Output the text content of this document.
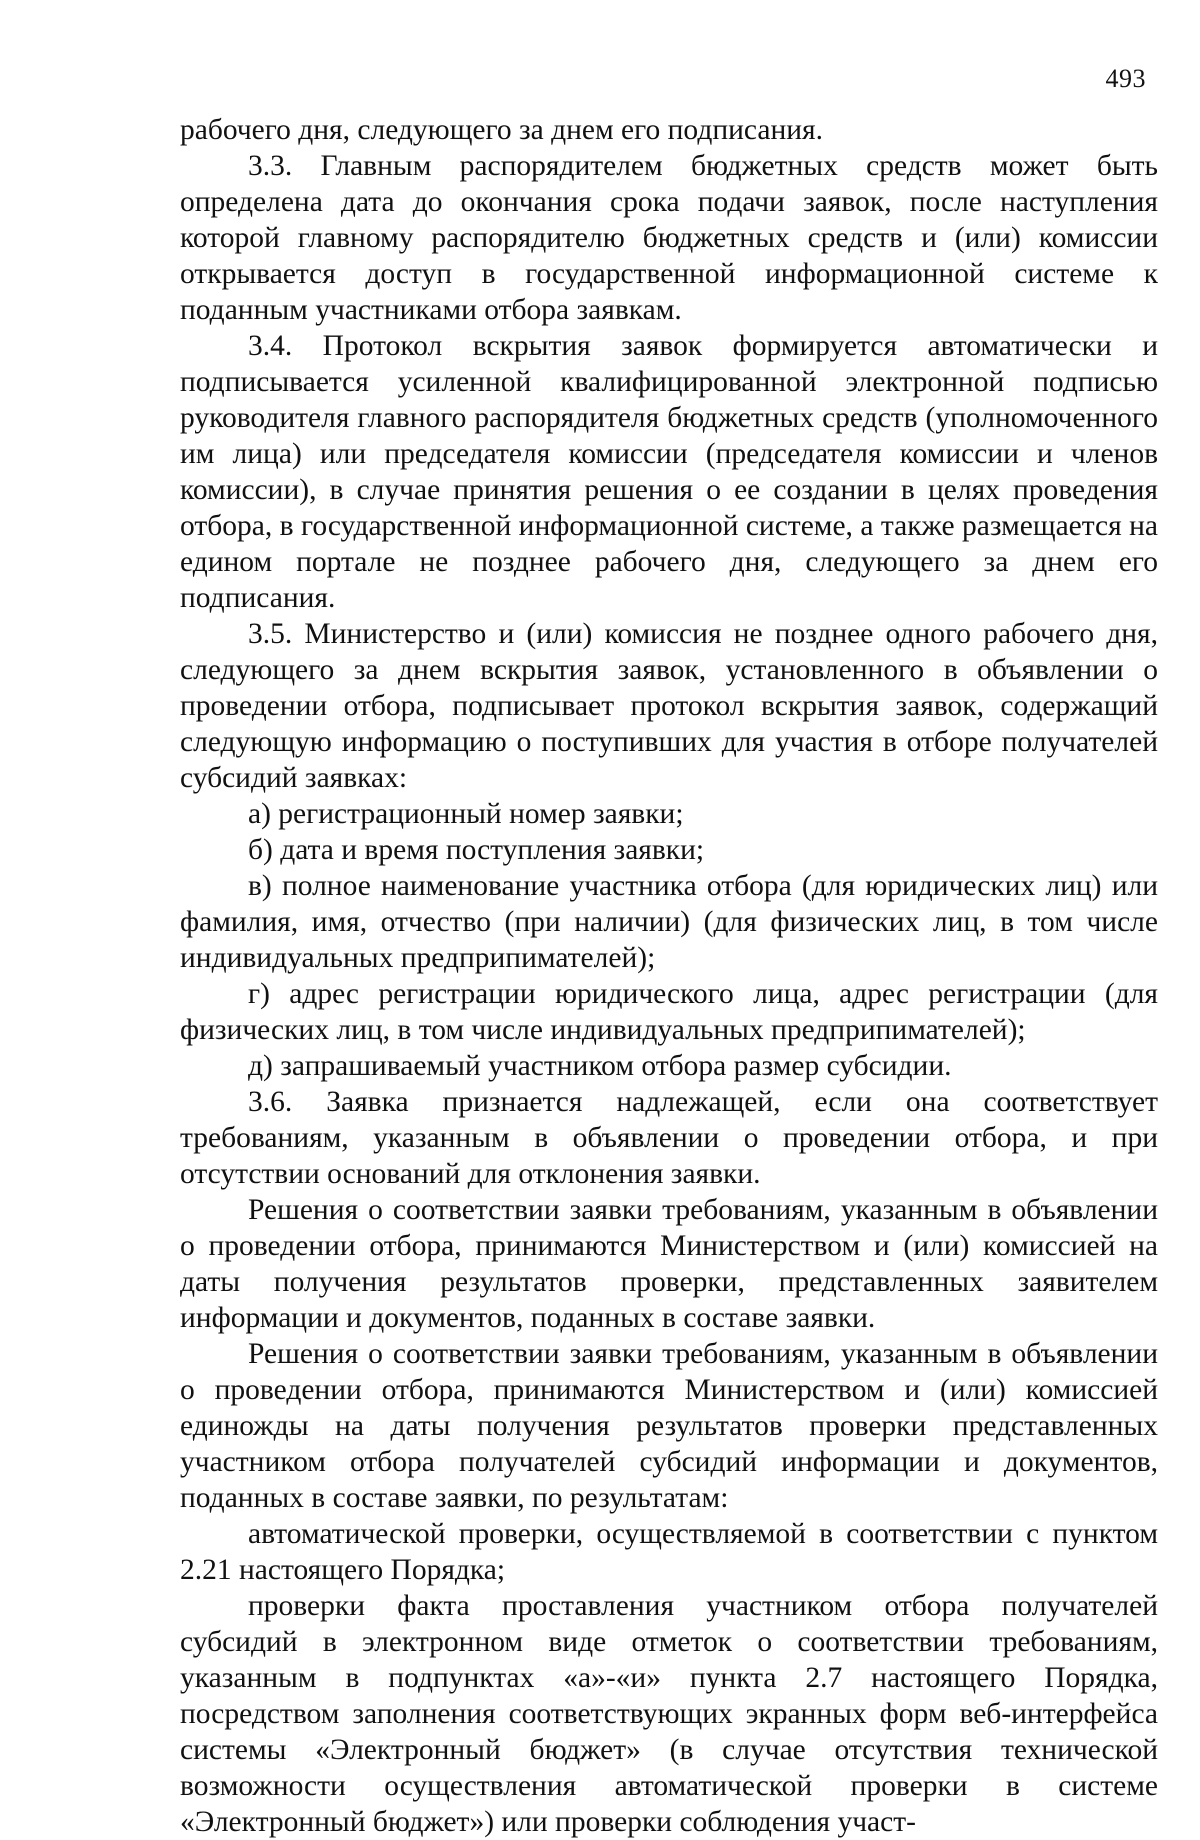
493

рабочего дня, следующего за днем его подписания.

3.3. Главным распорядителем бюджетных средств может быть определена дата до окончания срока подачи заявок, после наступления которой главному распорядителю бюджетных средств и (или) комиссии открывается доступ в государственной информационной системе к поданным участниками отбора заявкам.

3.4. Протокол вскрытия заявок формируется автоматически и подписывается усиленной квалифицированной электронной подписью руководителя главного распорядителя бюджетных средств (уполномоченного им лица) или председателя комиссии (председателя комиссии и членов комиссии), в случае принятия решения о ее создании в целях проведения отбора, в государственной информационной системе, а также размещается на едином портале не позднее рабочего дня, следующего за днем его подписания.

3.5. Министерство и (или) комиссия не позднее одного рабочего дня, следующего за днем вскрытия заявок, установленного в объявлении о проведении отбора, подписывает протокол вскрытия заявок, содержащий следующую информацию о поступивших для участия в отборе получателей субсидий заявках:

а) регистрационный номер заявки;

б) дата и время поступления заявки;

в) полное наименование участника отбора (для юридических лиц) или фамилия, имя, отчество (при наличии) (для физических лиц, в том числе индивидуальных предприпимателей);

г) адрес регистрации юридического лица, адрес регистрации (для физических лиц, в том числе индивидуальных предприпимателей);

д) запрашиваемый участником отбора размер субсидии.

3.6. Заявка признается надлежащей, если она соответствует требованиям, указанным в объявлении о проведении отбора, и при отсутствии оснований для отклонения заявки.

Решения о соответствии заявки требованиям, указанным в объявлении о проведении отбора, принимаются Министерством и (или) комиссией на даты получения результатов проверки, представленных заявителем информации и документов, поданных в составе заявки.

Решения о соответствии заявки требованиям, указанным в объявлении о проведении отбора, принимаются Министерством и (или) комиссией единожды на даты получения результатов проверки представленных участником отбора получателей субсидий информации и документов, поданных в составе заявки, по результатам:

автоматической проверки, осуществляемой в соответствии с пунктом 2.21 настоящего Порядка;

проверки факта проставления участником отбора получателей субсидий в электронном виде отметок о соответствии требованиям, указанным в подпунктах «а»-«и» пункта 2.7 настоящего Порядка, посредством заполнения соответствующих экранных форм веб-интерфейса системы «Электронный бюджет» (в случае отсутствия технической возможности осуществления автоматической проверки в системе «Электронный бюджет») или проверки соблюдения участ-
